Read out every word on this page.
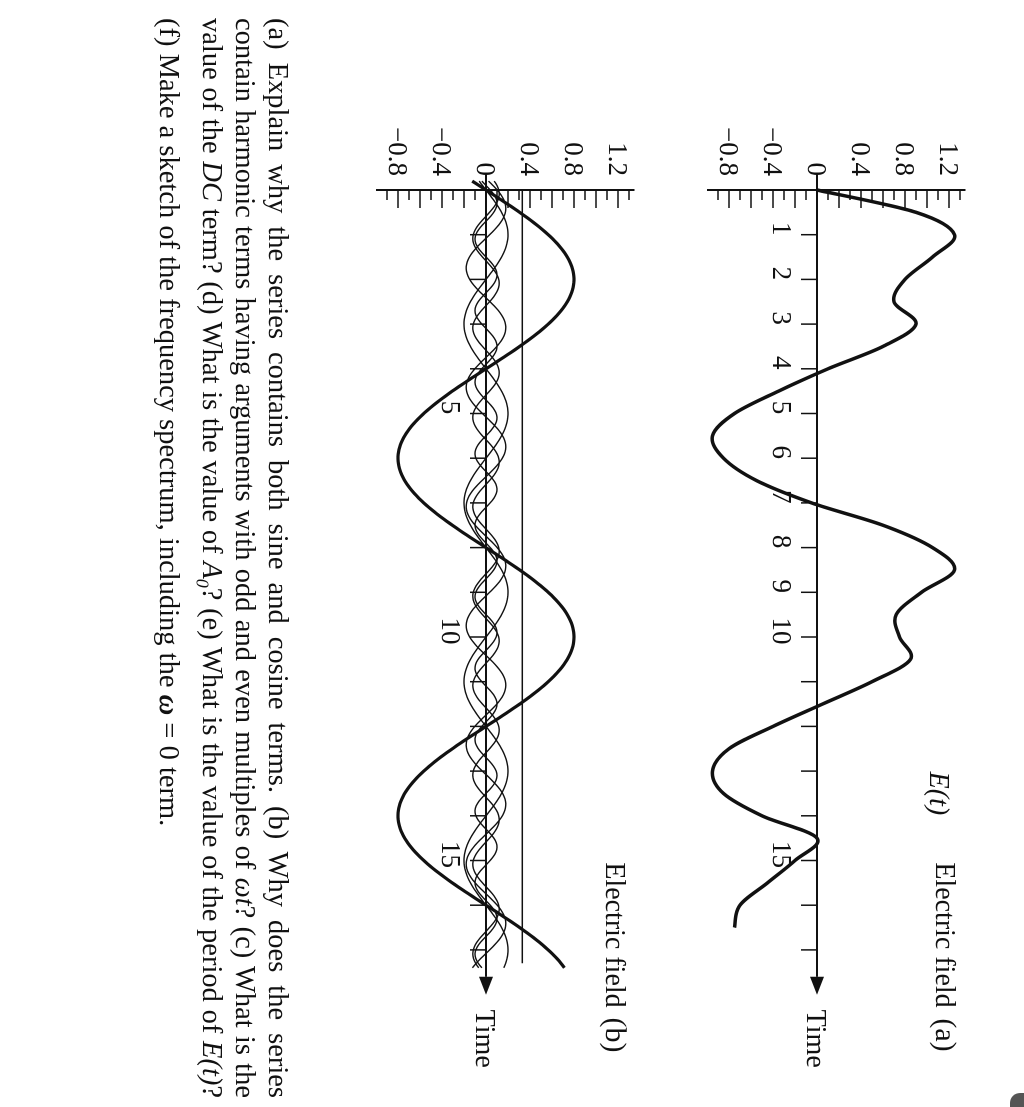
(a)
Electric field
1.2
0.8
0.4
0
−0.4
−0.8
Time
1
2
3
4
5
6
7
8
9
10
15
E(t)
(b)
Electric field
1.2
0.8
0.4
0
−0.4
−0.8
Time
5
10
15
(a) Explain why the series contains both sine and cosine terms. (b) Why does the series contain harmonic terms having arguments with odd and even multiples of ωt? (c) What is the value of the DC term? (d) What is the value of $A_0$? (e) What is the value of the period of E(t)? (f) Make a sketch of the frequency spectrum, including the ω = 0 term.
